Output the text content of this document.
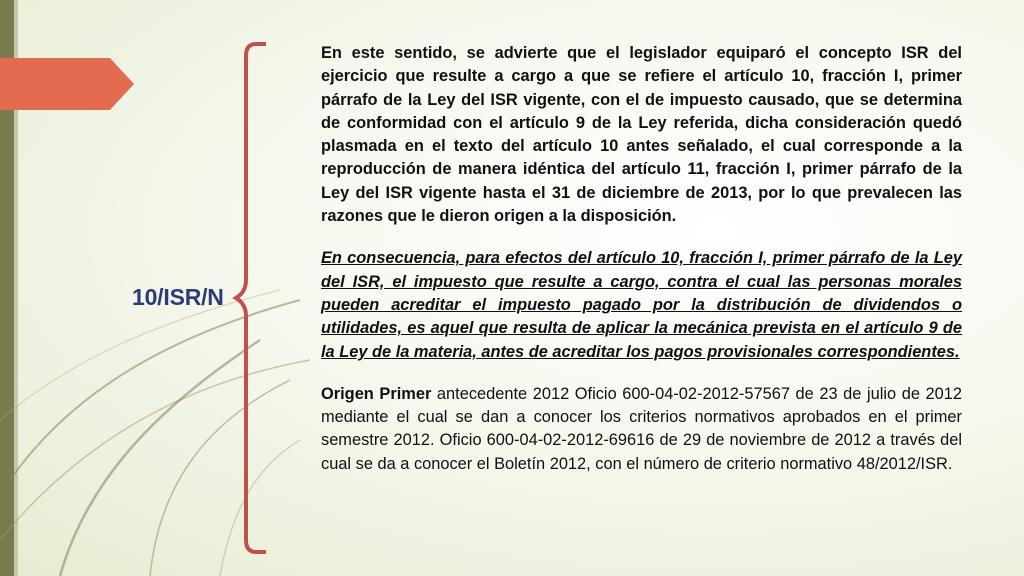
10/ISR/N

En este sentido, se advierte que el legislador equiparó el concepto ISR del ejercicio que resulte a cargo a que se refiere el artículo 10, fracción I, primer párrafo de la Ley del ISR vigente, con el de impuesto causado, que se determina de conformidad con el artículo 9 de la Ley referida, dicha consideración quedó plasmada en el texto del artículo 10 antes señalado, el cual corresponde a la reproducción de manera idéntica del artículo 11, fracción I, primer párrafo de la Ley del ISR vigente hasta el 31 de diciembre de 2013, por lo que prevalecen las razones que le dieron origen a la disposición.

En consecuencia, para efectos del artículo 10, fracción I, primer párrafo de la Ley del ISR, el impuesto que resulte a cargo, contra el cual las personas morales pueden acreditar el impuesto pagado por la distribución de dividendos o utilidades, es aquel que resulta de aplicar la mecánica prevista en el artículo 9 de la Ley de la materia, antes de acreditar los pagos provisionales correspondientes.

Origen Primer antecedente 2012 Oficio 600-04-02-2012-57567 de 23 de julio de 2012 mediante el cual se dan a conocer los criterios normativos aprobados en el primer semestre 2012. Oficio 600-04-02-2012-69616 de 29 de noviembre de 2012 a través del cual se da a conocer el Boletín 2012, con el número de criterio normativo 48/2012/ISR.
